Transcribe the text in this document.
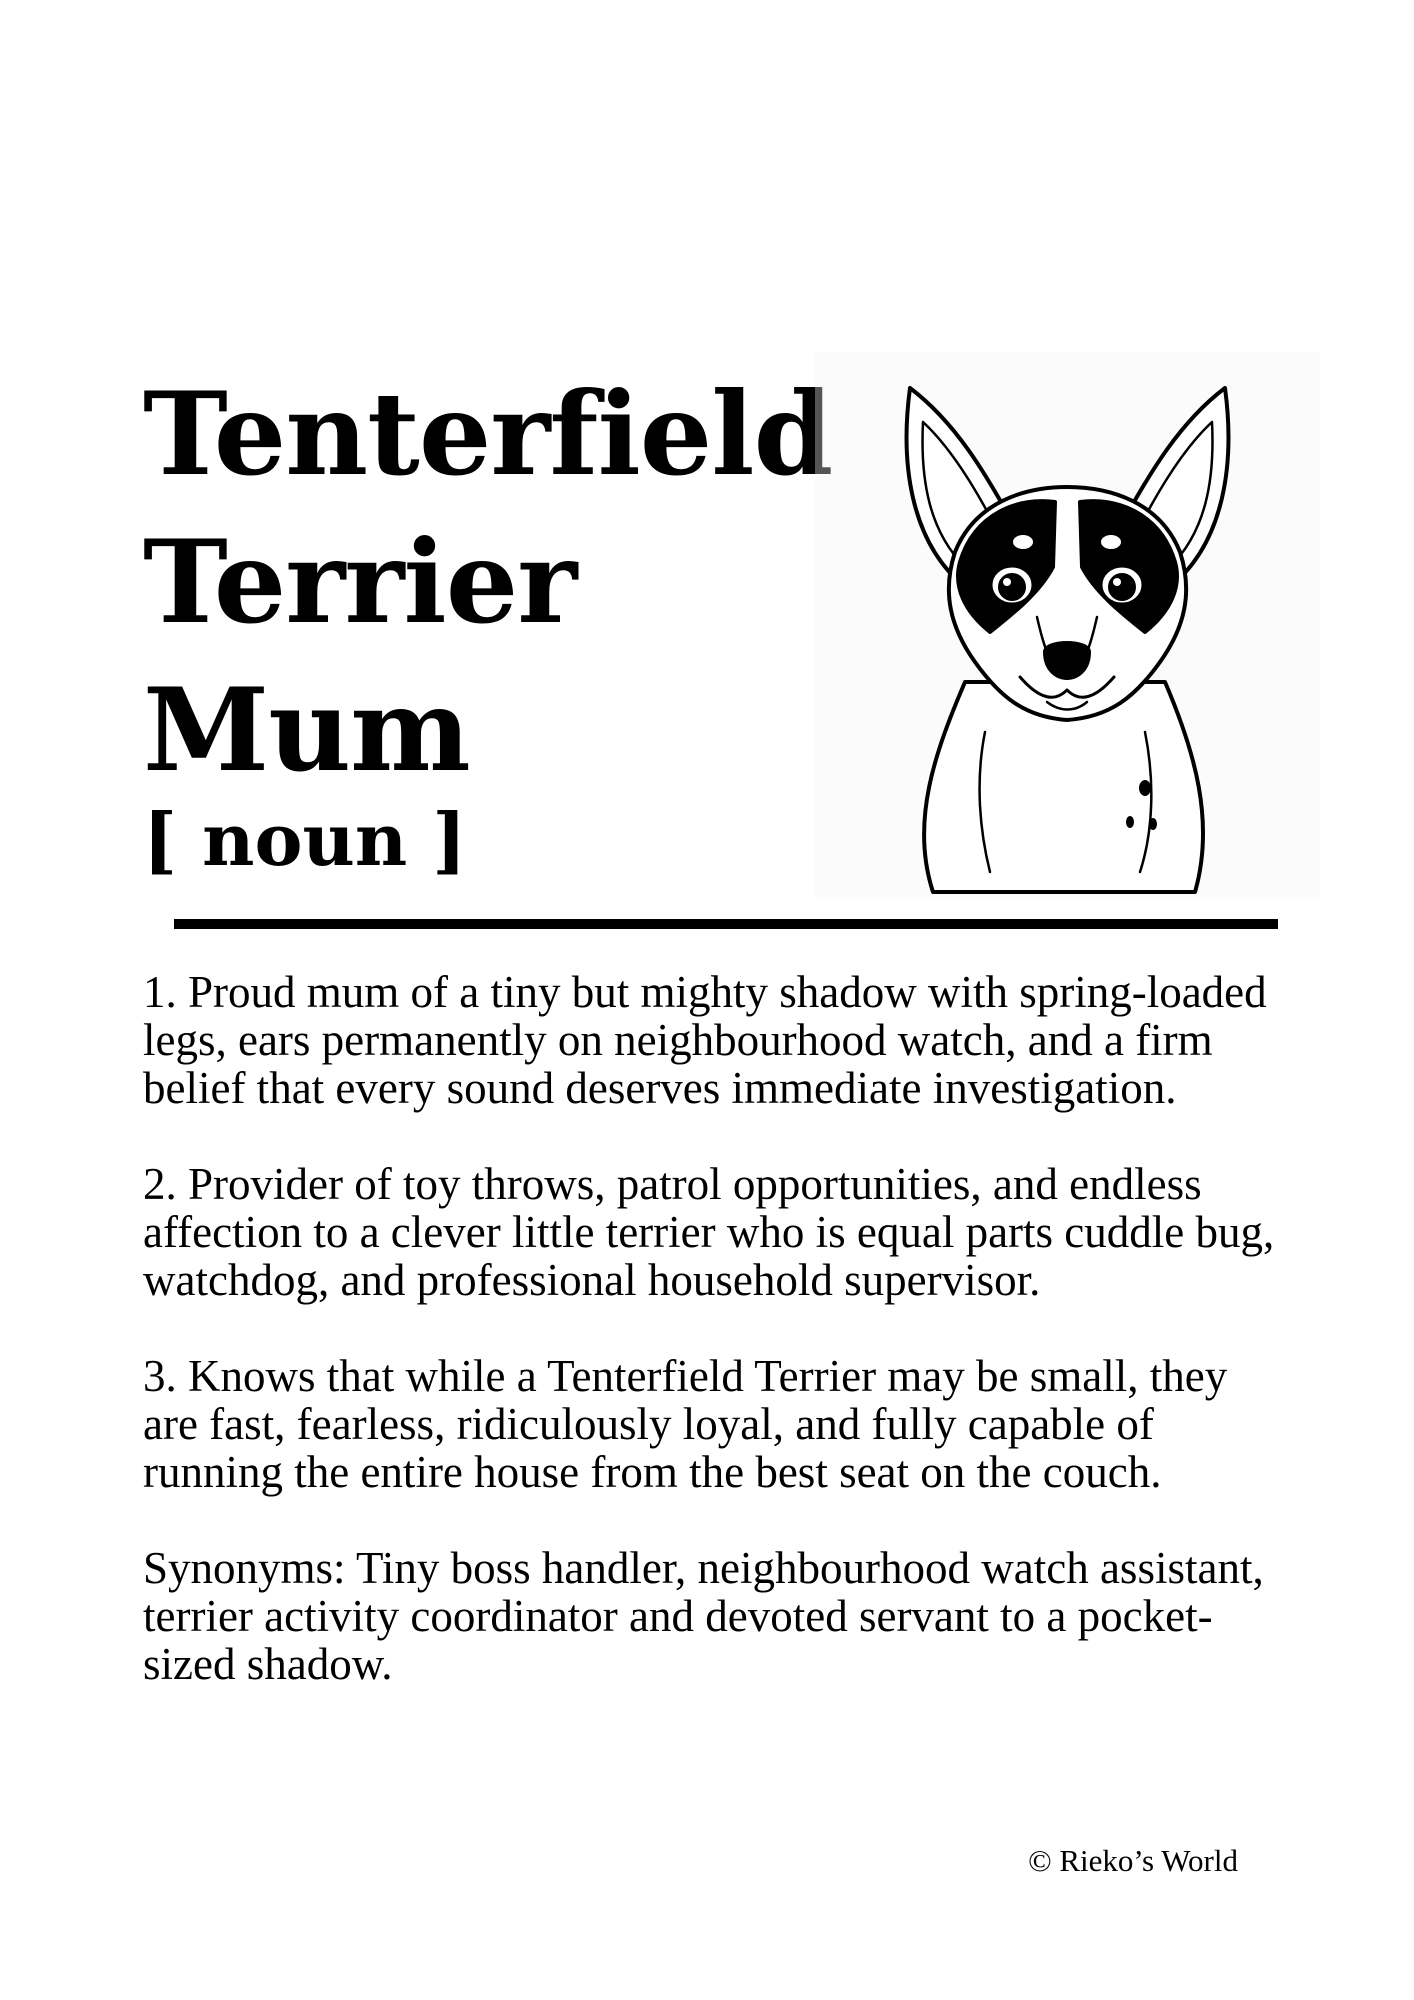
Tenterfield
Terrier
Mum
[ noun ]

1. Proud mum of a tiny but mighty shadow with spring-loaded legs, ears permanently on neighbourhood watch, and a firm belief that every sound deserves immediate investigation.

2. Provider of toy throws, patrol opportunities, and endless affection to a clever little terrier who is equal parts cuddle bug, watchdog, and professional household supervisor.

3. Knows that while a Tenterfield Terrier may be small, they are fast, fearless, ridiculously loyal, and fully capable of running the entire house from the best seat on the couch.

Synonyms: Tiny boss handler, neighbourhood watch assistant, terrier activity coordinator and devoted servant to a pocket-sized shadow.

© Rieko’s World
